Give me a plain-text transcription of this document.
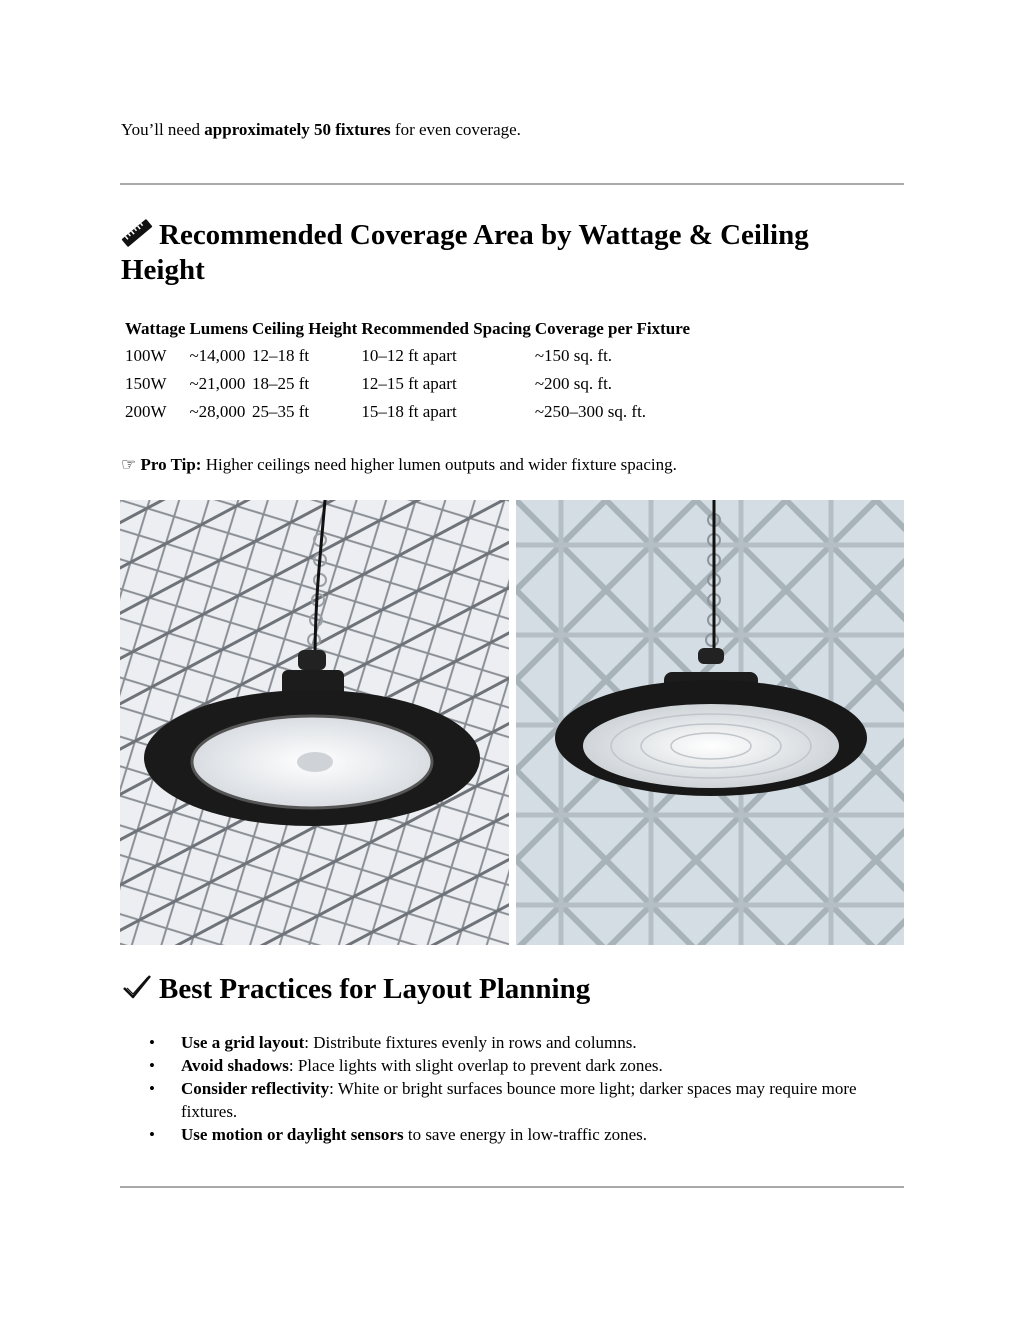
You’ll need approximately 50 fixtures for even coverage.

Recommended Coverage Area by Wattage & Ceiling Height
Wattage	Lumens	Ceiling Height	Recommended Spacing	Coverage per Fixture
100W	~14,000	12–18 ft	10–12 ft apart	~150 sq. ft.
150W	~21,000	18–25 ft	12–15 ft apart	~200 sq. ft.
200W	~28,000	25–35 ft	15–18 ft apart	~250–300 sq. ft.

☞ Pro Tip: Higher ceilings need higher lumen outputs and wider fixture spacing.

Best Practices for Layout Planning
• Use a grid layout: Distribute fixtures evenly in rows and columns.
• Avoid shadows: Place lights with slight overlap to prevent dark zones.
• Consider reflectivity: White or bright surfaces bounce more light; darker spaces may require more fixtures.
• Use motion or daylight sensors to save energy in low-traffic zones.
